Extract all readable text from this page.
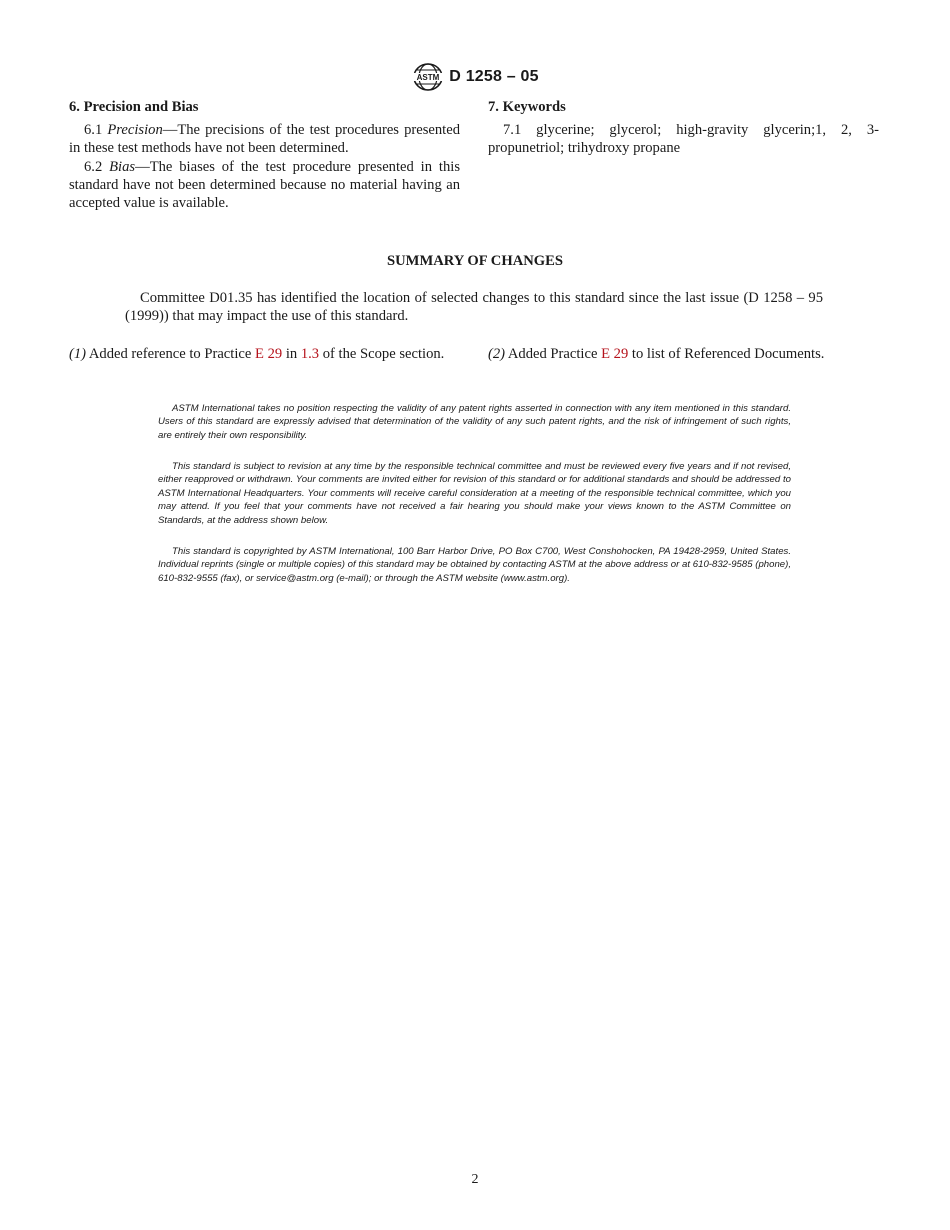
ASTM D 1258 – 05

6. Precision and Bias

6.1 Precision—The precisions of the test procedures presented in these test methods have not been determined.

6.2 Bias—The biases of the test procedure presented in this standard have not been determined because no material having an accepted value is available.

7. Keywords

7.1 glycerine; glycerol; high-gravity glycerin;1, 2, 3-propunetriol; trihydroxy propane

SUMMARY OF CHANGES

Committee D01.35 has identified the location of selected changes to this standard since the last issue (D 1258 – 95 (1999)) that may impact the use of this standard.

(1) Added reference to Practice E 29 in 1.3 of the Scope section.	(2) Added Practice E 29 to list of Referenced Documents.

ASTM International takes no position respecting the validity of any patent rights asserted in connection with any item mentioned in this standard. Users of this standard are expressly advised that determination of the validity of any such patent rights, and the risk of infringement of such rights, are entirely their own responsibility.

This standard is subject to revision at any time by the responsible technical committee and must be reviewed every five years and if not revised, either reapproved or withdrawn. Your comments are invited either for revision of this standard or for additional standards and should be addressed to ASTM International Headquarters. Your comments will receive careful consideration at a meeting of the responsible technical committee, which you may attend. If you feel that your comments have not received a fair hearing you should make your views known to the ASTM Committee on Standards, at the address shown below.

This standard is copyrighted by ASTM International, 100 Barr Harbor Drive, PO Box C700, West Conshohocken, PA 19428-2959, United States. Individual reprints (single or multiple copies) of this standard may be obtained by contacting ASTM at the above address or at 610-832-9585 (phone), 610-832-9555 (fax), or service@astm.org (e-mail); or through the ASTM website (www.astm.org).

2
